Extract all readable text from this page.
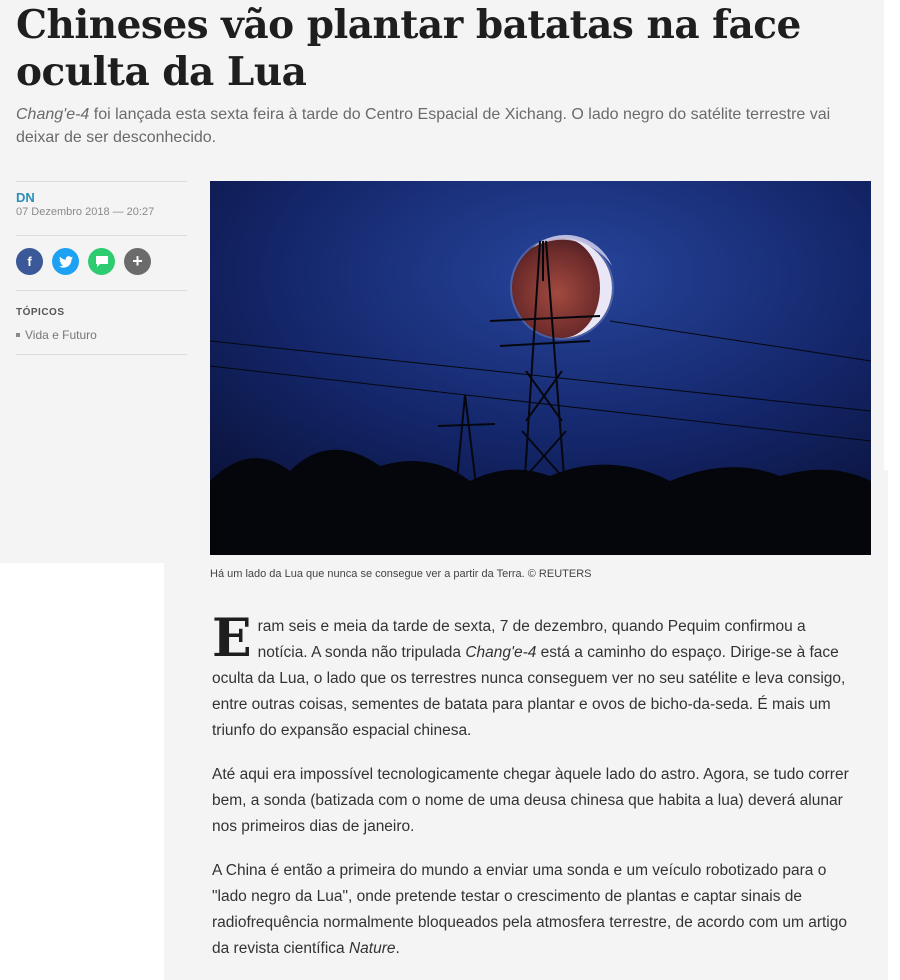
Chineses vão plantar batatas na face oculta da Lua

Chang'e-4 foi lançada esta sexta feira à tarde do Centro Espacial de Xichang. O lado negro do satélite terrestre vai deixar de ser desconhecido.

DN
07 Dezembro 2018 — 20:27
f	+
TÓPICOS
Vida e Futuro
Há um lado da Lua que nunca se consegue ver a partir da Terra. © REUTERS

Eram seis e meia da tarde de sexta, 7 de dezembro, quando Pequim confirmou a notícia. A sonda não tripulada Chang'e-4 está a caminho do espaço. Dirige-se à face oculta da Lua, o lado que os terrestres nunca conseguem ver no seu satélite e leva consigo, entre outras coisas, sementes de batata para plantar e ovos de bicho-da-seda. É mais um triunfo do expansão espacial chinesa.

Até aqui era impossível tecnologicamente chegar àquele lado do astro. Agora, se tudo correr bem, a sonda (batizada com o nome de uma deusa chinesa que habita a lua) deverá alunar nos primeiros dias de janeiro.

A China é então a primeira do mundo a enviar uma sonda e um veículo robotizado para o "lado negro da Lua", onde pretende testar o crescimento de plantas e captar sinais de radiofrequência normalmente bloqueados pela atmosfera terrestre, de acordo com um artigo da revista científica Nature.
